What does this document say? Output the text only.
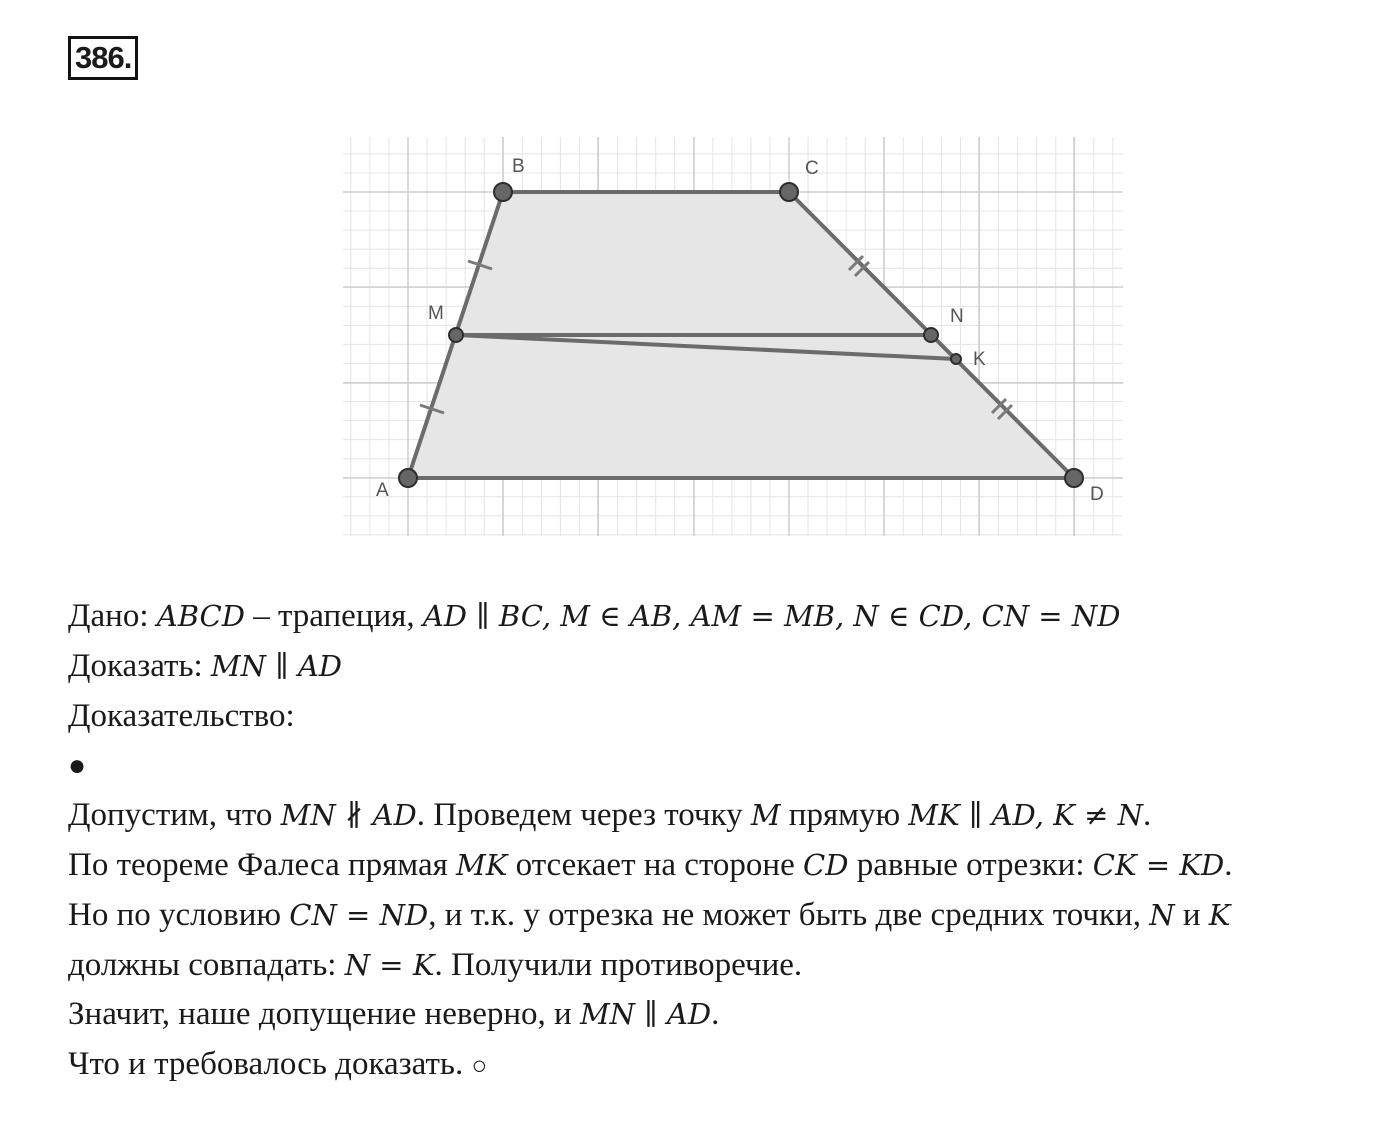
386.
A
B	C
D
M	N
K
Дано: ABCD – трапеция, AD ∥ BC, M ∈ AB, AM = MB, N ∈ CD, CN = ND
Доказать: MN ∥ AD
Доказательство:
●
Допустим, что MN ∦ AD. Проведем через точку M прямую MK ∥ AD, K ≠ N.
По теореме Фалеса прямая MK отсекает на стороне CD равные отрезки: CK = KD.
Но по условию CN = ND, и т.к. у отрезка не может быть две средних точки, N и K
должны совпадать: N = K. Получили противоречие.
Значит, наше допущение неверно, и MN ∥ AD.
Что и требовалось доказать. ○
